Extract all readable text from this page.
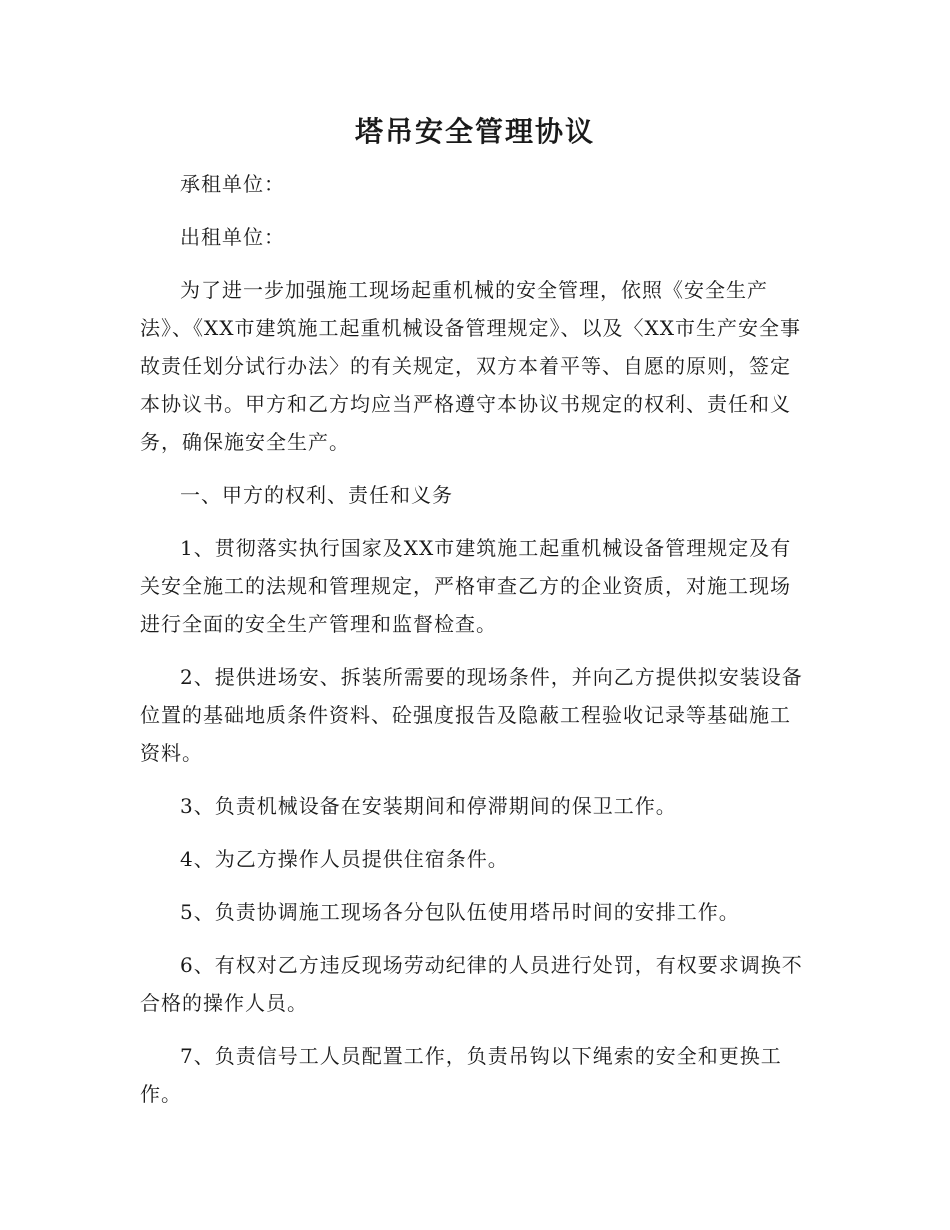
塔吊安全管理协议

承租单位：

出租单位：

为了进一步加强施工现场起重机械的安全管理，依照《安全生产法》、《XX市建筑施工起重机械设备管理规定》、以及〈XX市生产安全事故责任划分试行办法〉的有关规定，双方本着平等、自愿的原则，签定本协议书。甲方和乙方均应当严格遵守本协议书规定的权利、责任和义务，确保施安全生产。

一、甲方的权利、责任和义务

1、贯彻落实执行国家及XX市建筑施工起重机械设备管理规定及有关安全施工的法规和管理规定，严格审查乙方的企业资质，对施工现场进行全面的安全生产管理和监督检查。

2、提供进场安、拆装所需要的现场条件，并向乙方提供拟安装设备位置的基础地质条件资料、砼强度报告及隐蔽工程验收记录等基础施工资料。

3、负责机械设备在安装期间和停滞期间的保卫工作。

4、为乙方操作人员提供住宿条件。

5、负责协调施工现场各分包队伍使用塔吊时间的安排工作。

6、有权对乙方违反现场劳动纪律的人员进行处罚，有权要求调换不合格的操作人员。

7、负责信号工人员配置工作，负责吊钩以下绳索的安全和更换工作。
